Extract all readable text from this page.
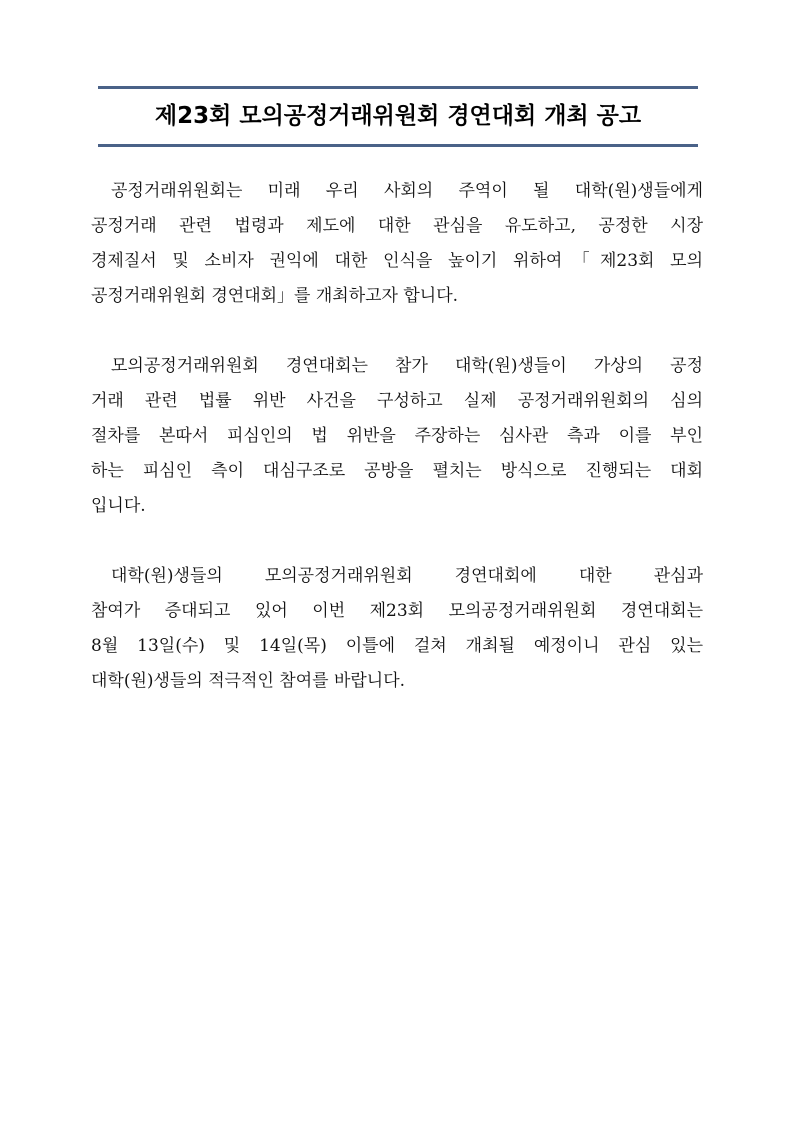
제23회 모의공정거래위원회 경연대회 개최 공고
공정거래위원회는 미래 우리 사회의 주역이 될 대학(원)생들에게
공정거래 관련 법령과 제도에 대한 관심을 유도하고, 공정한 시장
경제질서 및 소비자 권익에 대한 인식을 높이기 위하여「제23회 모의
공정거래위원회 경연대회」를 개최하고자 합니다.
모의공정거래위원회 경연대회는 참가 대학(원)생들이 가상의 공정
거래 관련 법률 위반 사건을 구성하고 실제 공정거래위원회의 심의
절차를 본따서 피심인의 법 위반을 주장하는 심사관 측과 이를 부인
하는 피심인 측이 대심구조로 공방을 펼치는 방식으로 진행되는 대회
입니다.
대학(원)생들의 모의공정거래위원회 경연대회에 대한 관심과
참여가 증대되고 있어 이번 제23회 모의공정거래위원회 경연대회는
8월 13일(수) 및 14일(목) 이틀에 걸쳐 개최될 예정이니 관심 있는
대학(원)생들의 적극적인 참여를 바랍니다.
